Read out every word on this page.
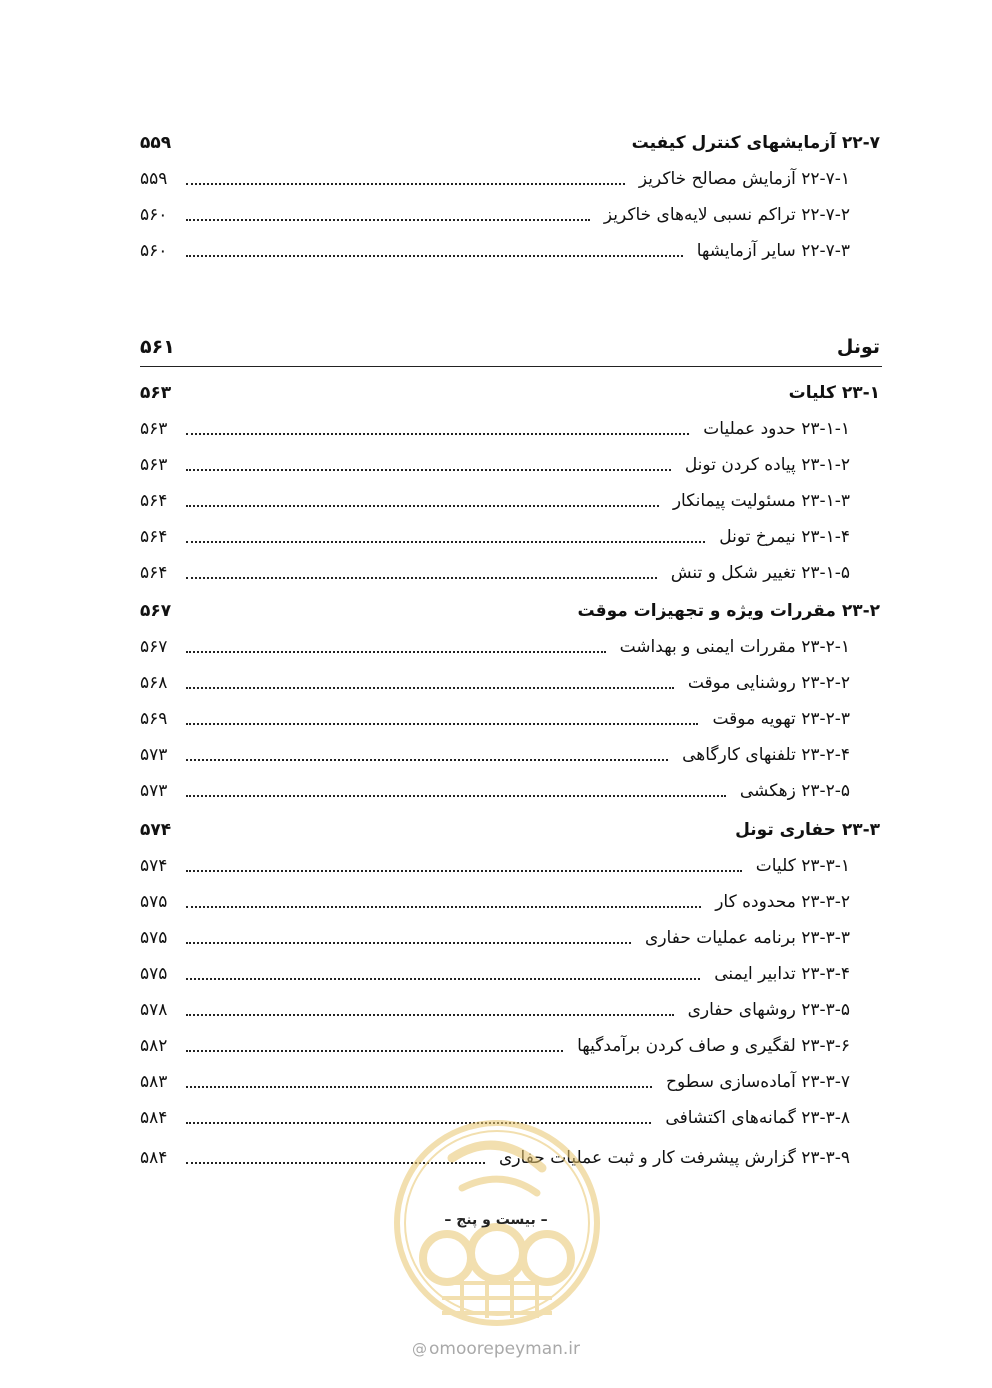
۲۲-۷ آزمایشهای کنترل کیفیت
۵۵۹
۲۲-۷-۱ آزمایش مصالح خاکریز
۵۵۹
۲۲-۷-۲ تراکم نسبی لایه‌های خاکریز
۵۶۰
۲۲-۷-۳ سایر آزمایشها
۵۶۰
تونل
۵۶۱
۲۳-۱ کلیات
۵۶۳
۲۳-۱-۱ حدود عملیات
۵۶۳
۲۳-۱-۲ پیاده کردن تونل
۵۶۳
۲۳-۱-۳ مسئولیت پیمانکار
۵۶۴
۲۳-۱-۴ نیمرخ تونل
۵۶۴
۲۳-۱-۵ تغییر شکل و تنش
۵۶۴
۲۳-۲ مقررات ویژه و تجهیزات موقت
۵۶۷
۲۳-۲-۱ مقررات ایمنی و بهداشت
۵۶۷
۲۳-۲-۲ روشنایی موقت
۵۶۸
۲۳-۲-۳ تهویه موقت
۵۶۹
۲۳-۲-۴ تلفنهای کارگاهی
۵۷۳
۲۳-۲-۵ زهکشی
۵۷۳
۲۳-۳ حفاری تونل
۵۷۴
۲۳-۳-۱ کلیات
۵۷۴
۲۳-۳-۲ محدوده کار
۵۷۵
۲۳-۳-۳ برنامه عملیات حفاری
۵۷۵
۲۳-۳-۴ تدابیر ایمنی
۵۷۵
۲۳-۳-۵ روشهای حفاری
۵۷۸
۲۳-۳-۶ لقگیری و صاف کردن برآمدگیها
۵۸۲
۲۳-۳-۷ آماده‌سازی سطوح
۵۸۳
۲۳-۳-۸ گمانه‌های اکتشافی
۵۸۴
۲۳-۳-۹ گزارش پیشرفت کار و ثبت عملیات حفاری
۵۸۴
– بیست و پنج –
@ omoorepeyman.ir
